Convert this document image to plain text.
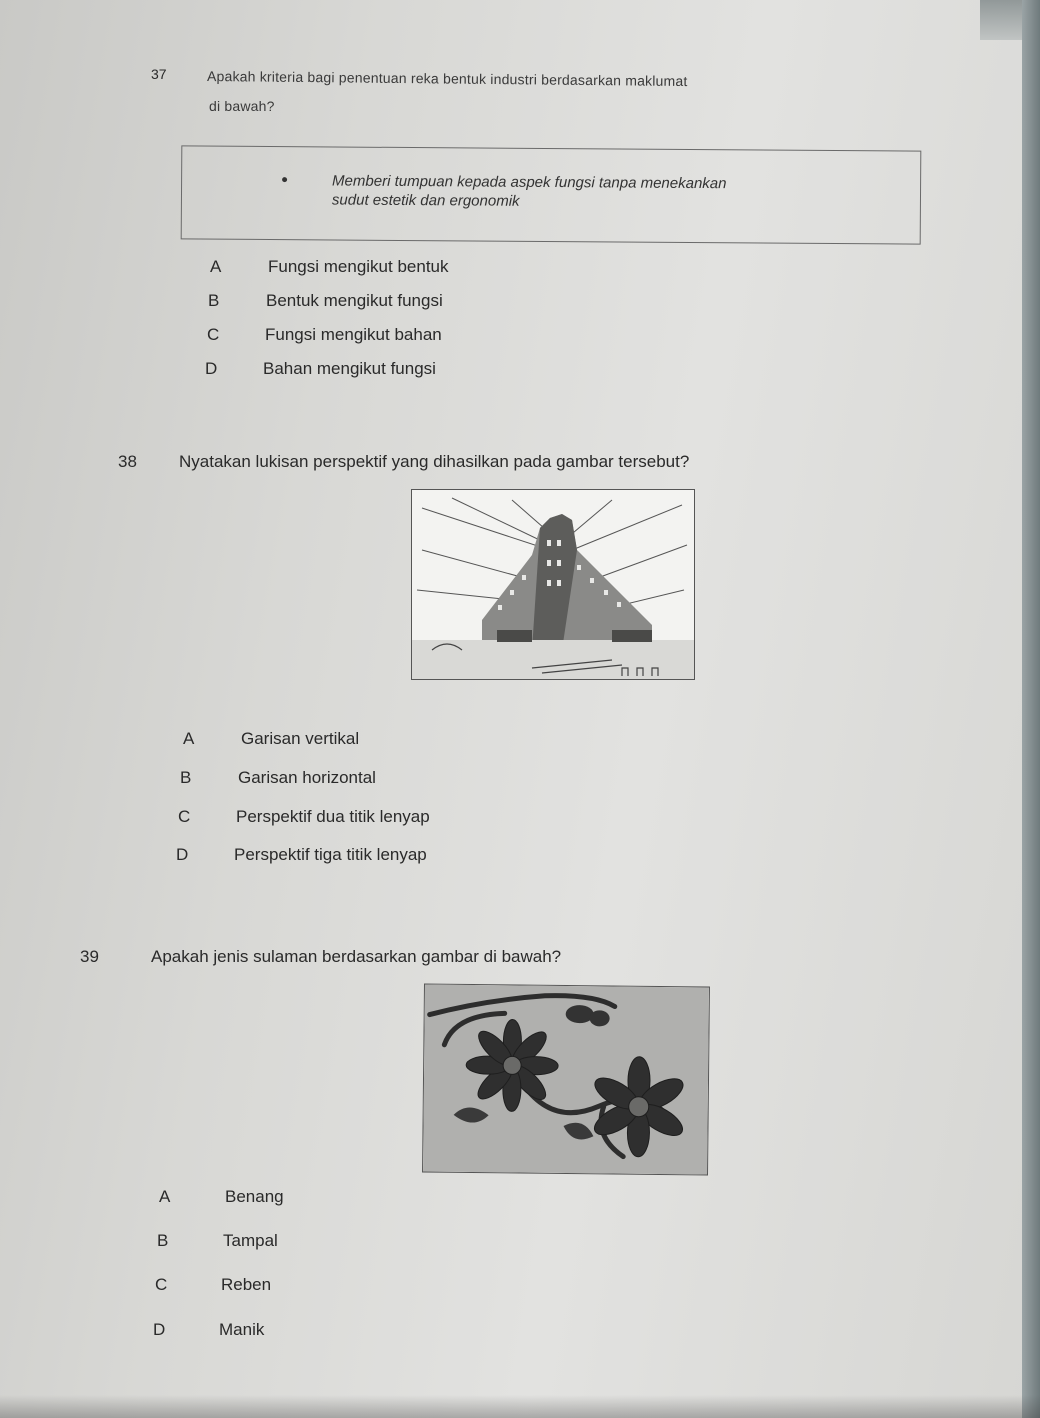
37	Apakah kriteria bagi penentuan reka bentuk industri berdasarkan maklumat
di bawah?
Memberi tumpuan kepada aspek fungsi tanpa menekankan
sudut estetik dan ergonomik
A	Fungsi mengikut bentuk
B	Bentuk mengikut fungsi
C	Fungsi mengikut bahan
D	Bahan mengikut fungsi
38 Nyatakan lukisan perspektif yang dihasilkan pada gambar tersebut?
A	Garisan vertikal
B	Garisan horizontal
C	Perspektif dua titik lenyap
D	Perspektif tiga titik lenyap
39	Apakah jenis sulaman berdasarkan gambar di bawah?
A	Benang
B	Tampal
C	Reben
D	Manik
